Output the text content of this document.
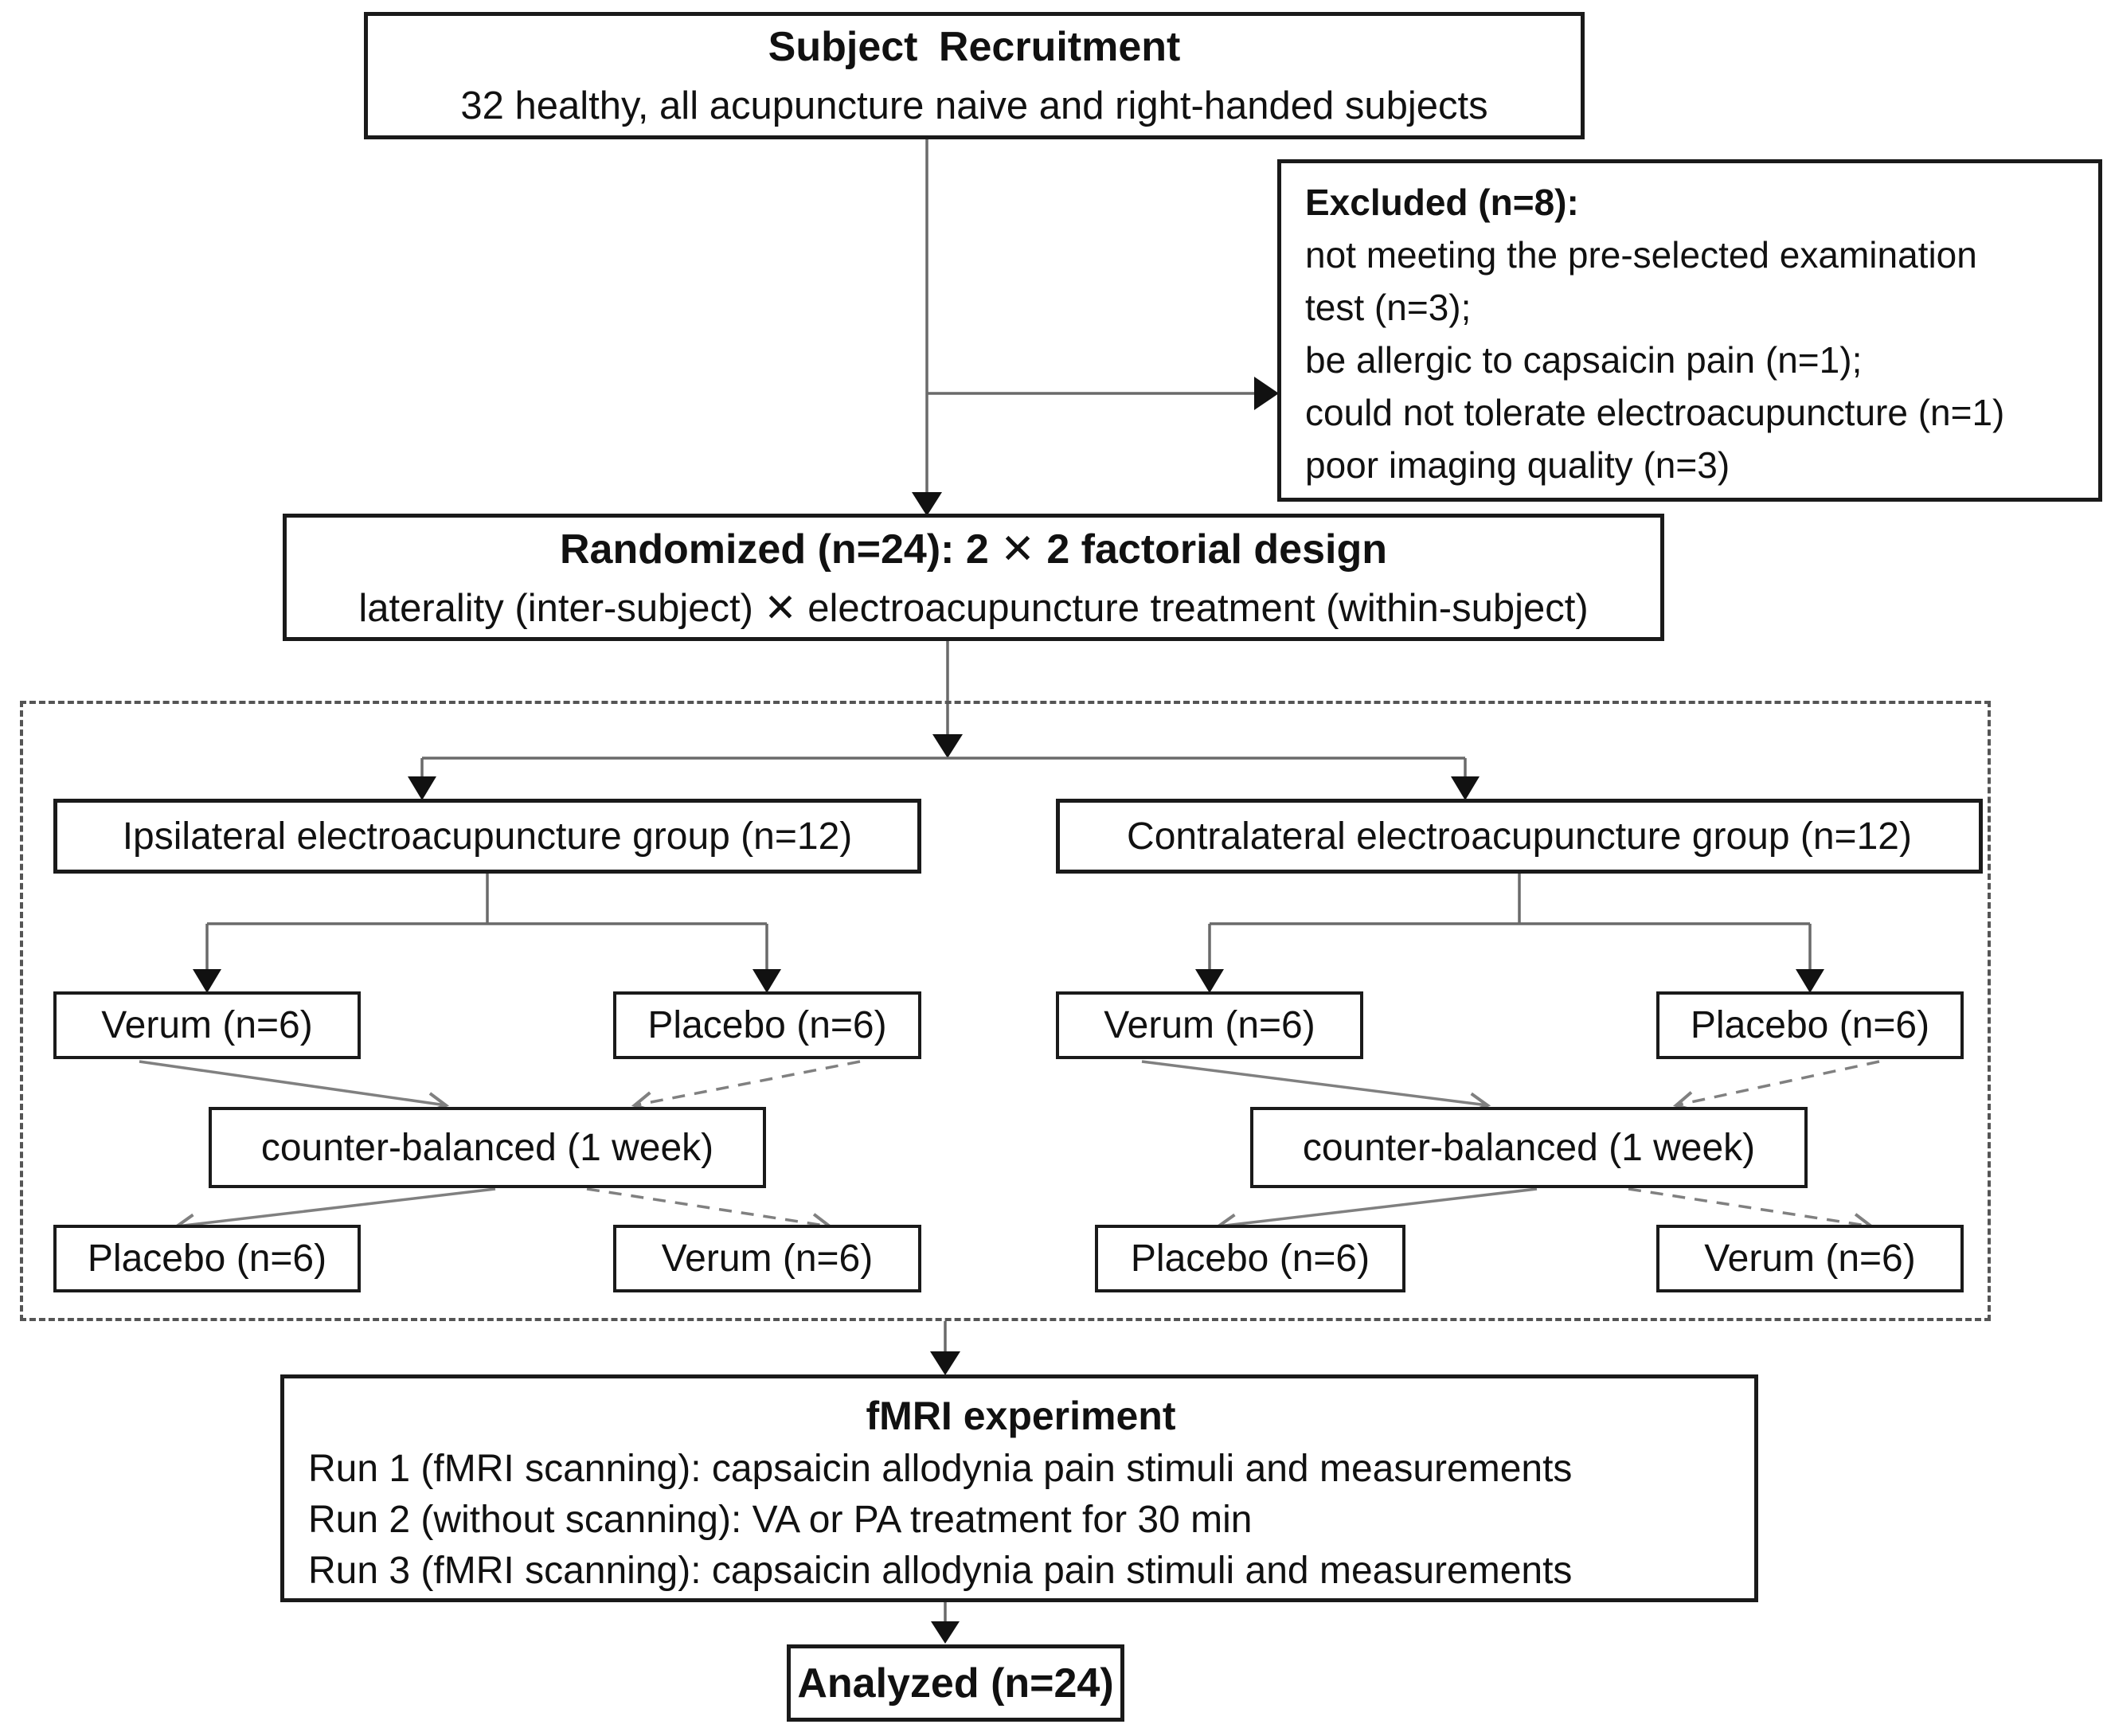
Subject Recruitment
32 healthy, all acupuncture naive and right-handed subjects
Excluded (n=8):
not meeting the pre-selected examination
test (n=3);
be allergic to capsaicin pain (n=1);
could not tolerate electroacupuncture (n=1)
poor imaging quality (n=3)
Randomized (n=24): 2 ✕ 2 factorial design
laterality (inter-subject) ✕ electroacupuncture treatment (within-subject)
Ipsilateral electroacupuncture group (n=12)	Contralateral electroacupuncture group (n=12)
Verum (n=6)	Placebo (n=6)
counter-balanced (1 week)
Placebo (n=6)	Verum (n=6)
Verum (n=6)	Placebo (n=6)
counter-balanced (1 week)
Placebo (n=6)	Verum (n=6)
fMRI experiment
Run 1 (fMRI scanning): capsaicin allodynia pain stimuli and measurements
Run 2 (without scanning): VA or PA treatment for 30 min
Run 3 (fMRI scanning): capsaicin allodynia pain stimuli and measurements
Analyzed (n=24)
